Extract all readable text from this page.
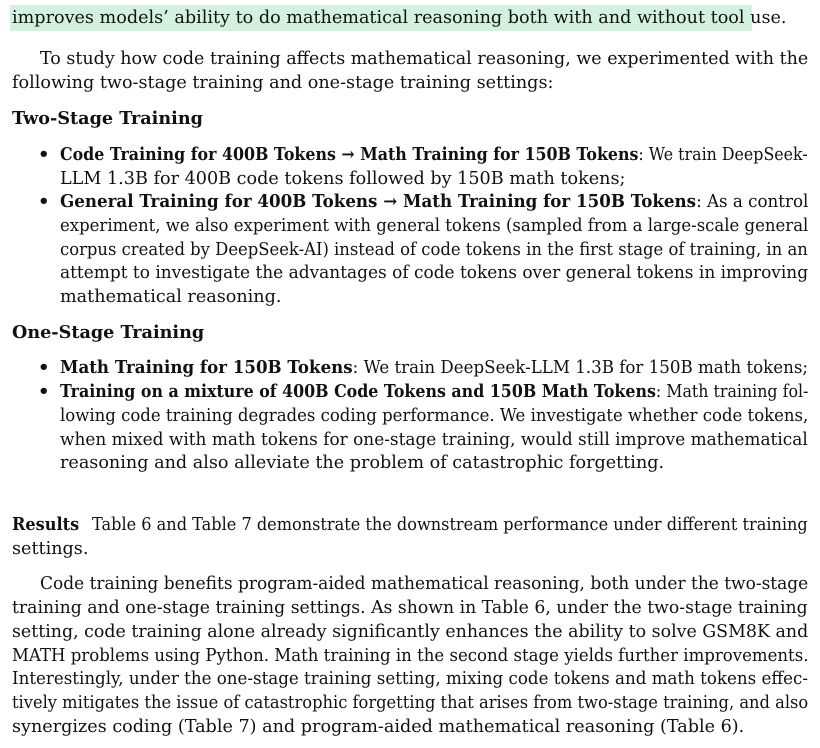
improves models’ ability to do mathematical reasoning both with and without tool use.
To study how code training affects mathematical reasoning, we experimented with the
following two-stage training and one-stage training settings:
Two-Stage Training
• Code Training for 400B Tokens → Math Training for 150B Tokens: We train DeepSeek-
LLM 1.3B for 400B code tokens followed by 150B math tokens;
• General Training for 400B Tokens → Math Training for 150B Tokens: As a control
experiment, we also experiment with general tokens (sampled from a large-scale general
corpus created by DeepSeek-AI) instead of code tokens in the first stage of training, in an
attempt to investigate the advantages of code tokens over general tokens in improving
mathematical reasoning.
One-Stage Training
• Math Training for 150B Tokens: We train DeepSeek-LLM 1.3B for 150B math tokens;
• Training on a mixture of 400B Code Tokens and 150B Math Tokens: Math training fol-
lowing code training degrades coding performance. We investigate whether code tokens,
when mixed with math tokens for one-stage training, would still improve mathematical
reasoning and also alleviate the problem of catastrophic forgetting.
Results Table 6 and Table 7 demonstrate the downstream performance under different training
settings.
Code training benefits program-aided mathematical reasoning, both under the two-stage
training and one-stage training settings. As shown in Table 6, under the two-stage training
setting, code training alone already significantly enhances the ability to solve GSM8K and
MATH problems using Python. Math training in the second stage yields further improvements.
Interestingly, under the one-stage training setting, mixing code tokens and math tokens effec-
tively mitigates the issue of catastrophic forgetting that arises from two-stage training, and also
synergizes coding (Table 7) and program-aided mathematical reasoning (Table 6).
